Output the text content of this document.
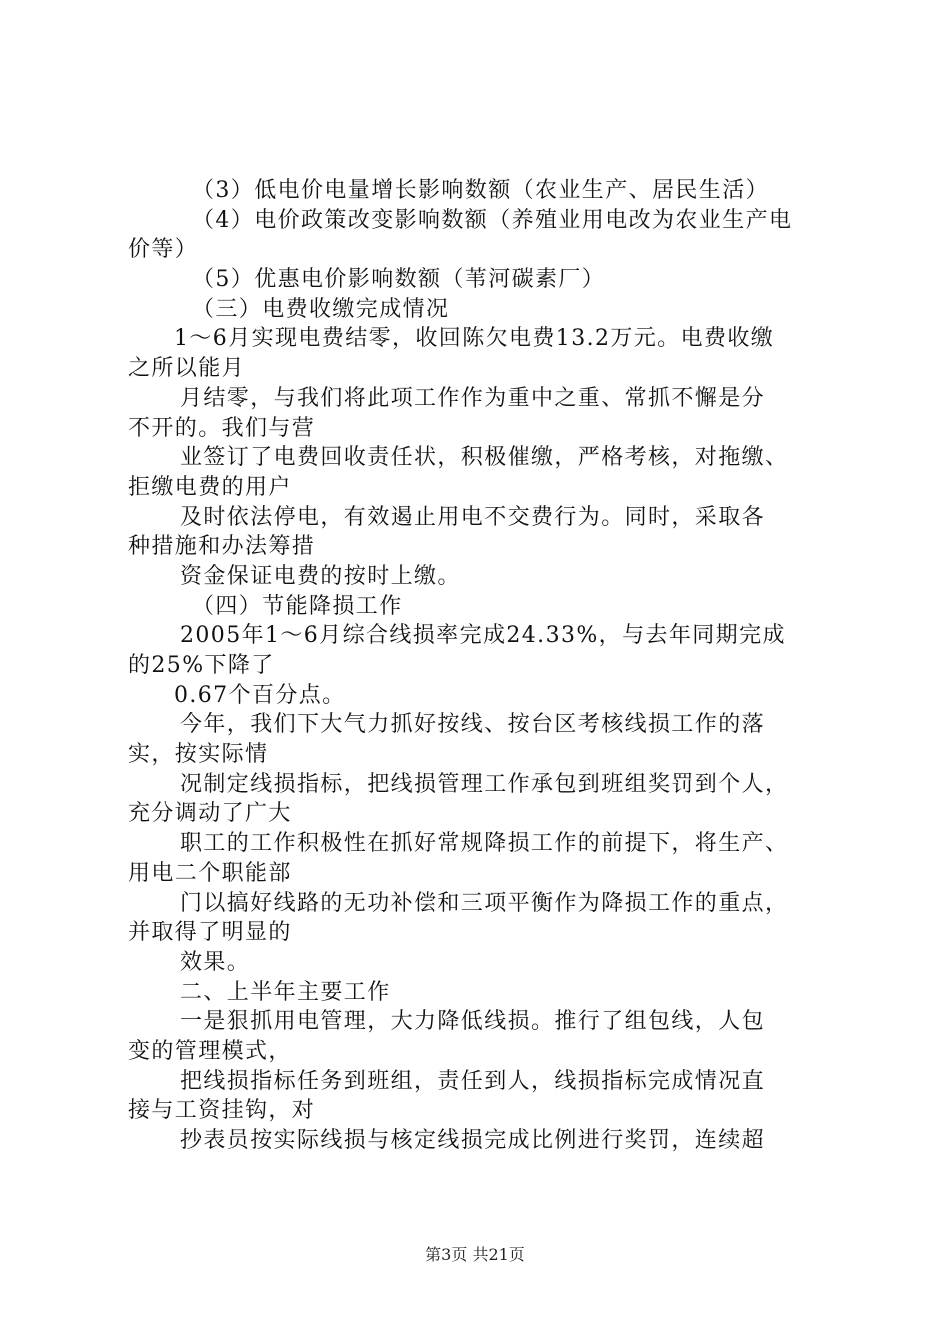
（3）低电价电量增长影响数额（农业生产、居民生活）
（4）电价政策改变影响数额（养殖业用电改为农业生产电
价等）
（5）优惠电价影响数额（苇河碳素厂）
（三）电费收缴完成情况
1～6月实现电费结零，收回陈欠电费13.2万元。电费收缴
之所以能月
月结零，与我们将此项工作作为重中之重、常抓不懈是分
不开的。我们与营
业签订了电费回收责任状，积极催缴，严格考核，对拖缴、
拒缴电费的用户
及时依法停电，有效遏止用电不交费行为。同时，采取各
种措施和办法筹措
资金保证电费的按时上缴。
（四）节能降损工作
2005年1～6月综合线损率完成24.33%，与去年同期完成
的25%下降了
0.67个百分点。
今年，我们下大气力抓好按线、按台区考核线损工作的落
实，按实际情
况制定线损指标，把线损管理工作承包到班组奖罚到个人，
充分调动了广大
职工的工作积极性在抓好常规降损工作的前提下，将生产、
用电二个职能部
门以搞好线路的无功补偿和三项平衡作为降损工作的重点，
并取得了明显的
效果。
二、上半年主要工作
一是狠抓用电管理，大力降低线损。推行了组包线，人包
变的管理模式，
把线损指标任务到班组，责任到人，线损指标完成情况直
接与工资挂钩，对
抄表员按实际线损与核定线损完成比例进行奖罚，连续超
第3页 共21页
